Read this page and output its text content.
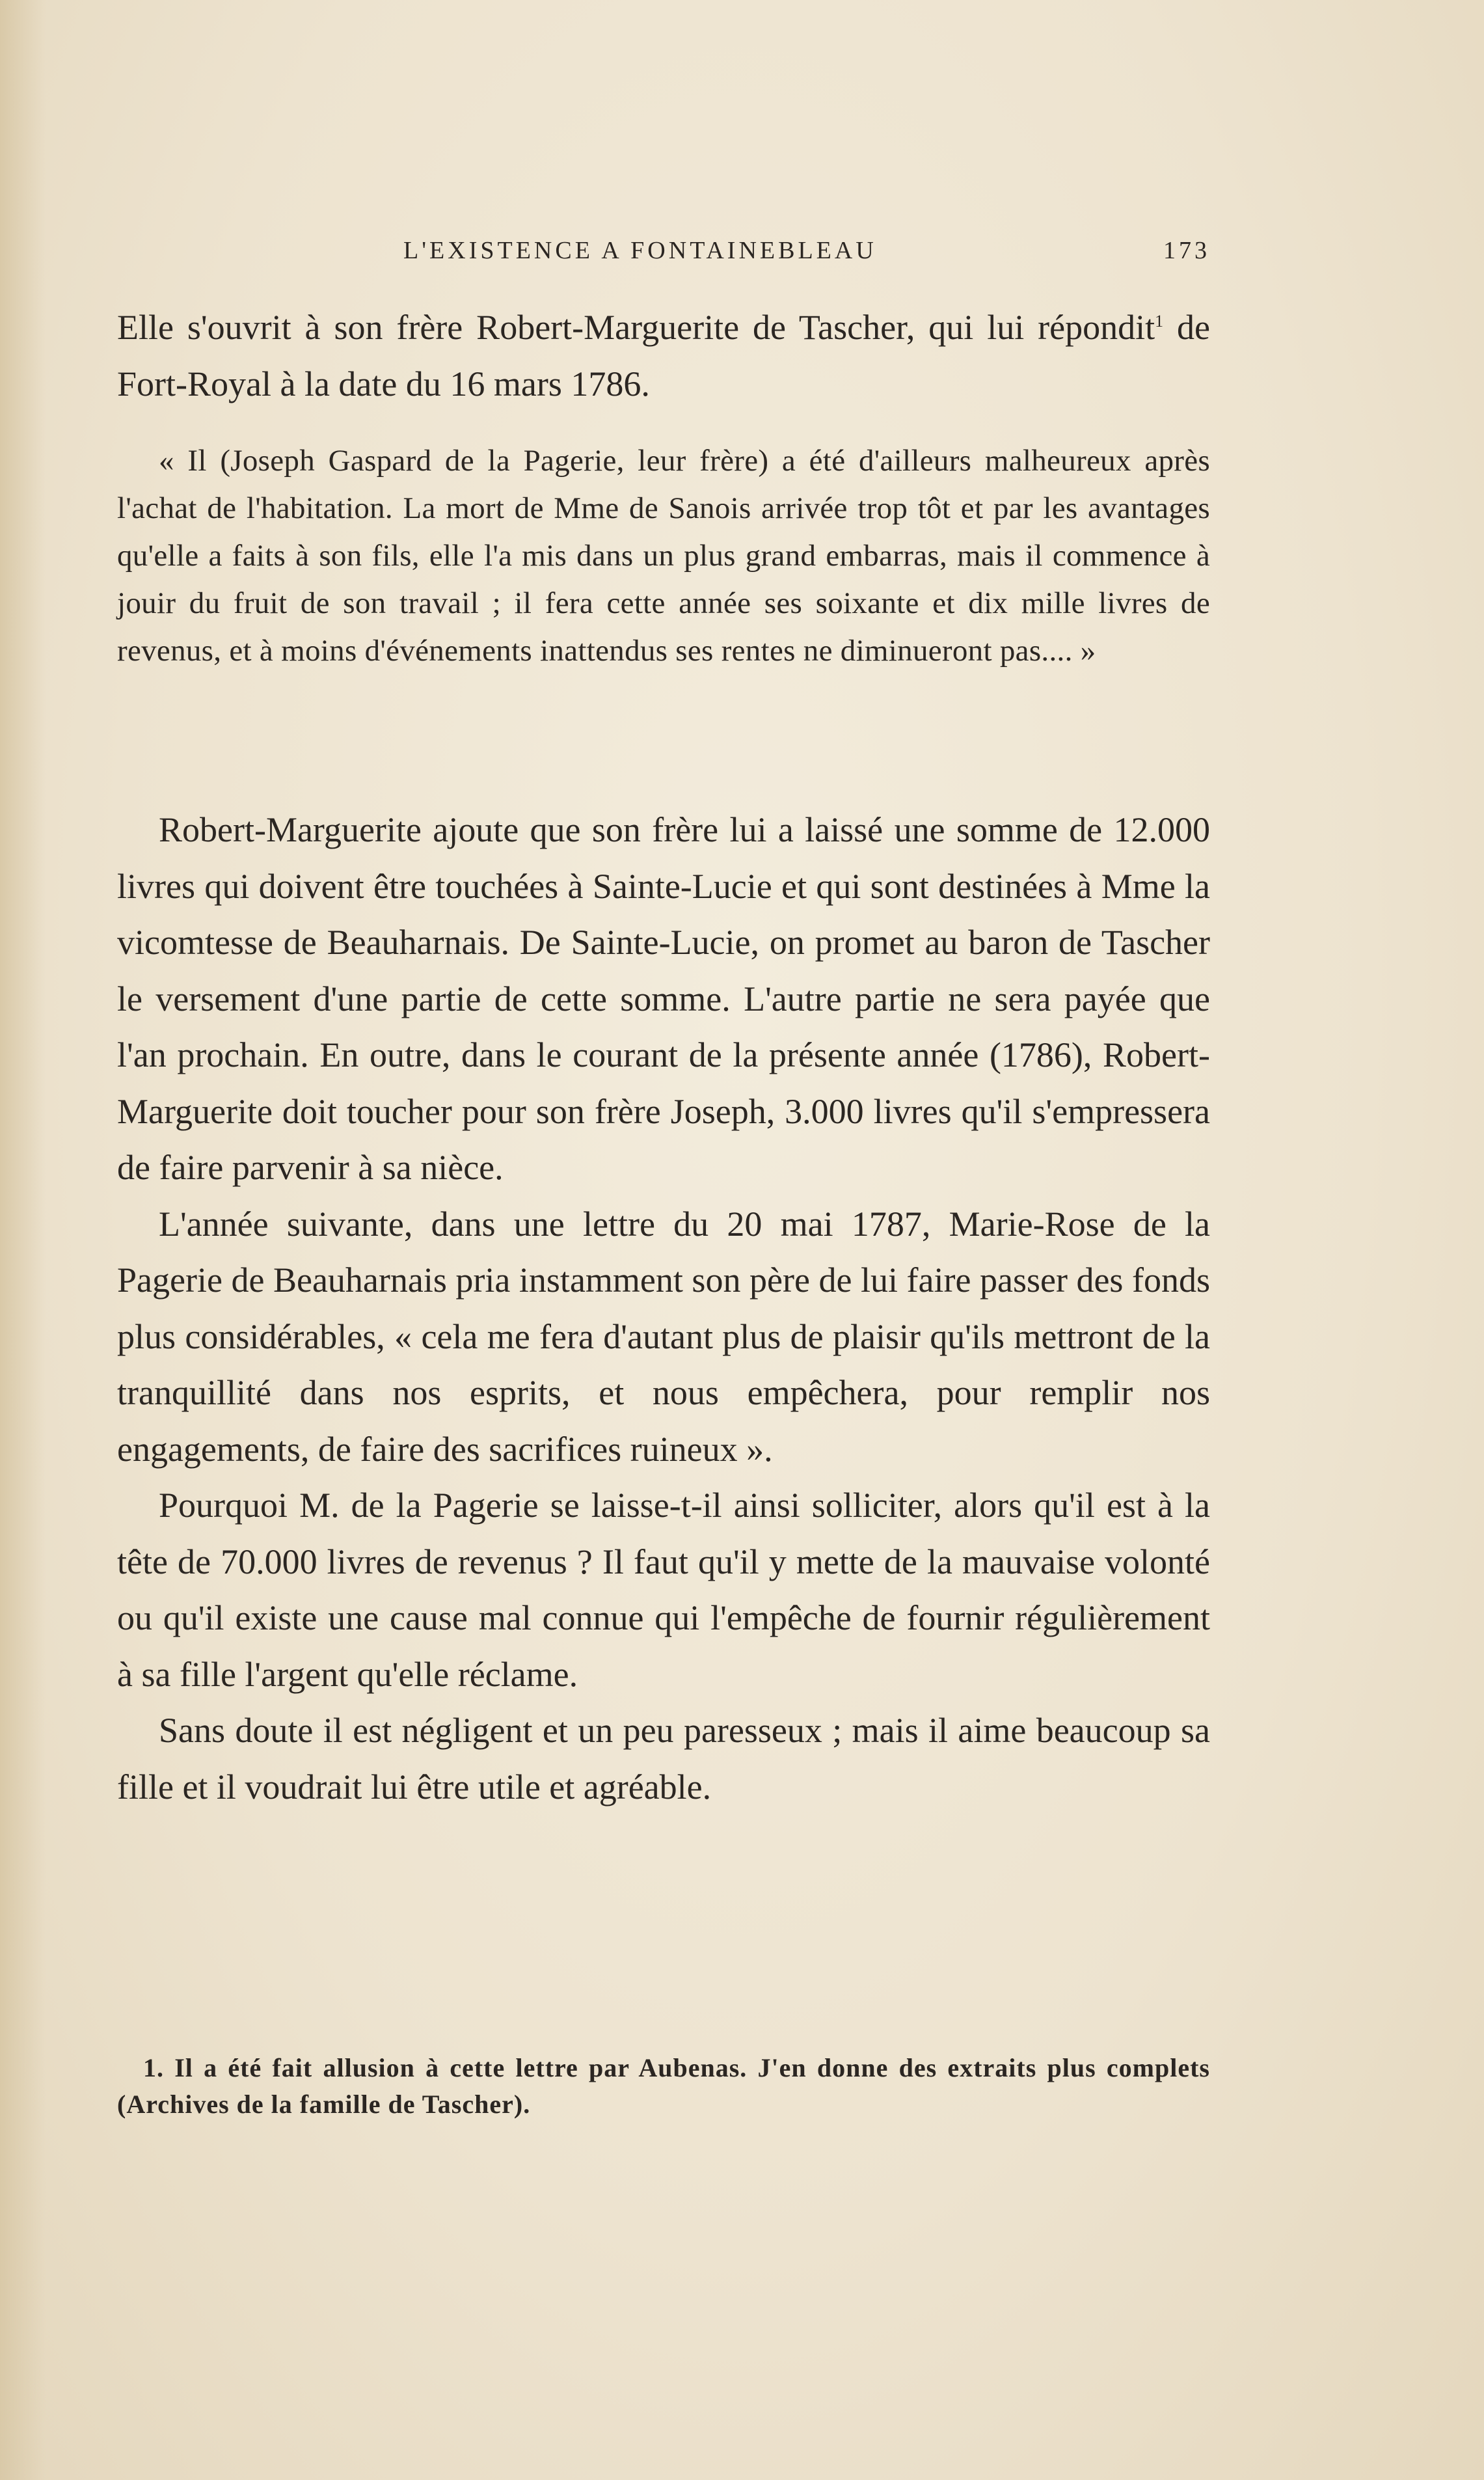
L'EXISTENCE A FONTAINEBLEAU	173

Elle s'ouvrit à son frère Robert-Marguerite de Tascher, qui lui répondit$^1$ de Fort-Royal à la date du 16 mars 1786.

« Il (Joseph Gaspard de la Pagerie, leur frère) a été d'ailleurs malheureux après l'achat de l'habitation. La mort de Mme de Sanois arrivée trop tôt et par les avantages qu'elle a faits à son fils, elle l'a mis dans un plus grand embarras, mais il commence à jouir du fruit de son travail ; il fera cette année ses soixante et dix mille livres de revenus, et à moins d'événements inattendus ses rentes ne diminueront pas.... »

Robert-Marguerite ajoute que son frère lui a laissé une somme de 12.000 livres qui doivent être touchées à Sainte-Lucie et qui sont destinées à Mme la vicomtesse de Beauharnais. De Sainte-Lucie, on promet au baron de Tascher le versement d'une partie de cette somme. L'autre partie ne sera payée que l'an prochain. En outre, dans le courant de la présente année (1786), Robert-Marguerite doit toucher pour son frère Joseph, 3.000 livres qu'il s'empressera de faire parvenir à sa nièce.

L'année suivante, dans une lettre du 20 mai 1787, Marie-Rose de la Pagerie de Beauharnais pria instamment son père de lui faire passer des fonds plus considérables, « cela me fera d'autant plus de plaisir qu'ils mettront de la tranquillité dans nos esprits, et nous empêchera, pour remplir nos engagements, de faire des sacrifices ruineux ».

Pourquoi M. de la Pagerie se laisse-t-il ainsi solliciter, alors qu'il est à la tête de 70.000 livres de revenus ? Il faut qu'il y mette de la mauvaise volonté ou qu'il existe une cause mal connue qui l'empêche de fournir régulièrement à sa fille l'argent qu'elle réclame.

Sans doute il est négligent et un peu paresseux ; mais il aime beaucoup sa fille et il voudrait lui être utile et agréable.

1. Il a été fait allusion à cette lettre par Aubenas. J'en donne des extraits plus complets (Archives de la famille de Tascher).
